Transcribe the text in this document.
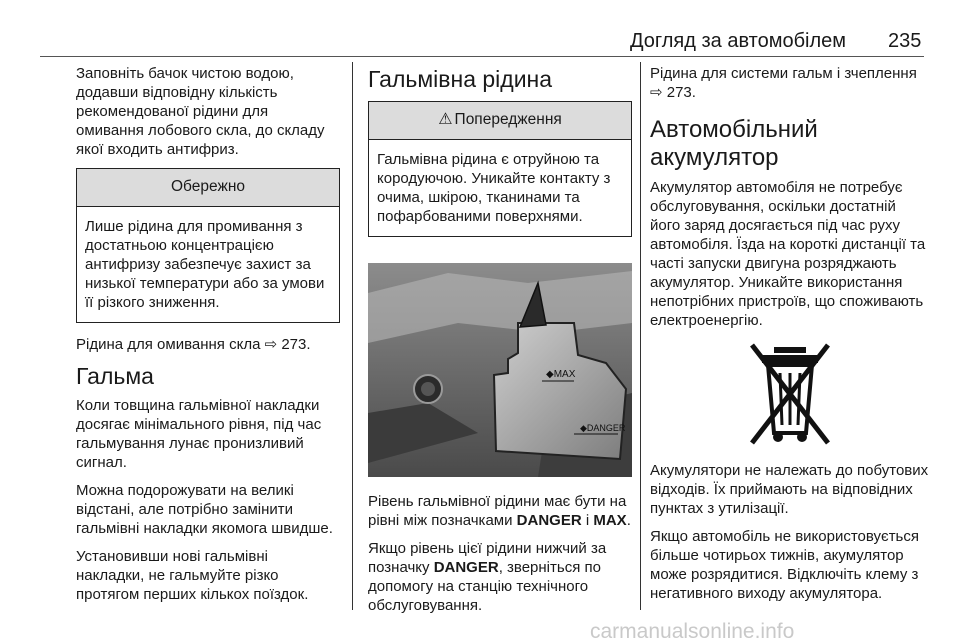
Догляд за автомобілем 235

Заповніть бачок чистою водою, додавши відповідну кількість рекомендованої рідини для омивання лобового скла, до складу якої входить антифриз.

Обережно
Лише рідина для промивання з достатньою концентрацією антифризу забезпечує захист за низької температури або за умови її різкого зниження.

Рідина для омивання скла ⇨ 273.

Гальма

Коли товщина гальмівної накладки досягає мінімального рівня, під час гальмування лунає пронизливий сигнал.

Можна подорожувати на великі відстані, але потрібно замінити гальмівні накладки якомога швидше.

Установивши нові гальмівні накладки, не гальмуйте різко протягом перших кількох поїздок.

Гальмівна рідина
⚠ Попередження
Гальмівна рідина є отруйною та кородуючою. Уникайте контакту з очима, шкірою, тканинами та пофарбованими поверхнями.
◆MAX
◆DANGER

Рівень гальмівної рідини має бути на рівні між позначками DANGER і MAX.

Якщо рівень цієї рідини нижчий за позначку DANGER, зверніться по допомогу на станцію технічного обслуговування.

Рідина для системи гальм і зчеплення ⇨ 273.

Автомобільний акумулятор

Акумулятор автомобіля не потребує обслуговування, оскільки достатній його заряд досягається під час руху автомобіля. Їзда на короткі дистанції та часті запуски двигуна розряджають акумулятор. Уникайте використання непотрібних пристроїв, що споживають електроенергію.

Акумулятори не належать до побутових відходів. Їх приймають на відповідних пунктах з утилізації.

Якщо автомобіль не використовується більше чотирьох тижнів, акумулятор може розрядитися. Відключіть клему з негативного виходу акумулятора.

carmanualsonline.info
